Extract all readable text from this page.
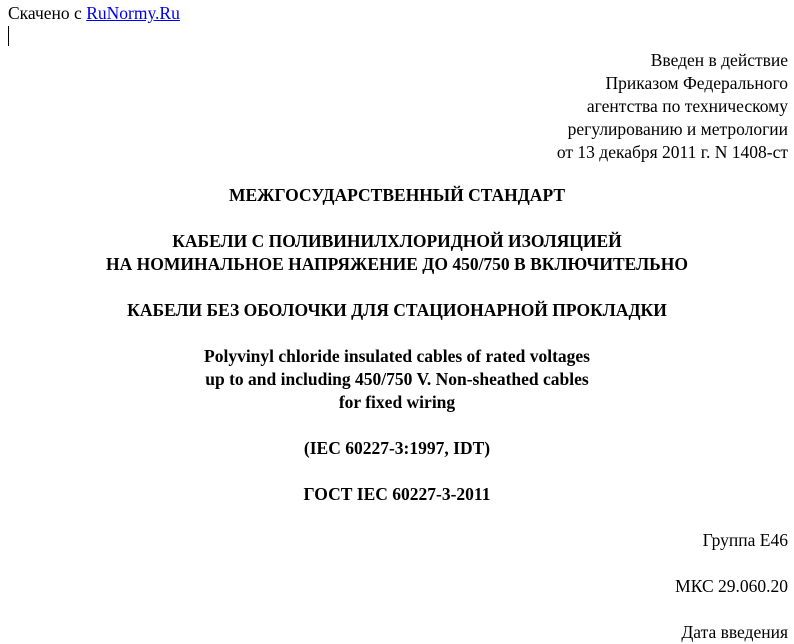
Скачено с RuNormy.Ru
Введен в действие
Приказом Федерального
агентства по техническому
регулированию и метрологии
от 13 декабря 2011 г. N 1408-ст
МЕЖГОСУДАРСТВЕННЫЙ СТАНДАРТ
КАБЕЛИ С ПОЛИВИНИЛХЛОРИДНОЙ ИЗОЛЯЦИЕЙ
НА НОМИНАЛЬНОЕ НАПРЯЖЕНИЕ ДО 450/750 В ВКЛЮЧИТЕЛЬНО
КАБЕЛИ БЕЗ ОБОЛОЧКИ ДЛЯ СТАЦИОНАРНОЙ ПРОКЛАДКИ
Polyvinyl chloride insulated cables of rated voltages
up to and including 450/750 V. Non-sheathed cables
for fixed wiring
(IEC 60227-3:1997, IDT)
ГОСТ IEC 60227-3-2011
Группа Е46
МКС 29.060.20
Дата введения
